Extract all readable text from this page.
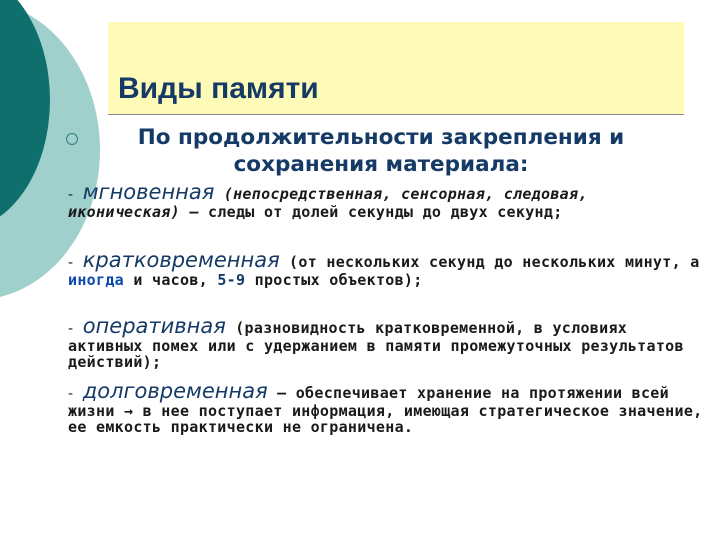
Виды памяти

По продолжительности закрепления и сохранения материала:

- мгновенная (непосредственная, сенсорная, следовая, иконическая) — следы от долей секунды до двух секунд;

- кратковременная (от нескольких секунд до нескольких минут, а иногда и часов, 5-9 простых объектов);

- оперативная (разновидность кратковременной, в условиях активных помех или с удержанием в памяти промежуточных результатов действий);

- долговременная — обеспечивает хранение на протяжении всей жизни → в нее поступает информация, имеющая стратегическое значение, ее емкость практически не ограничена.
